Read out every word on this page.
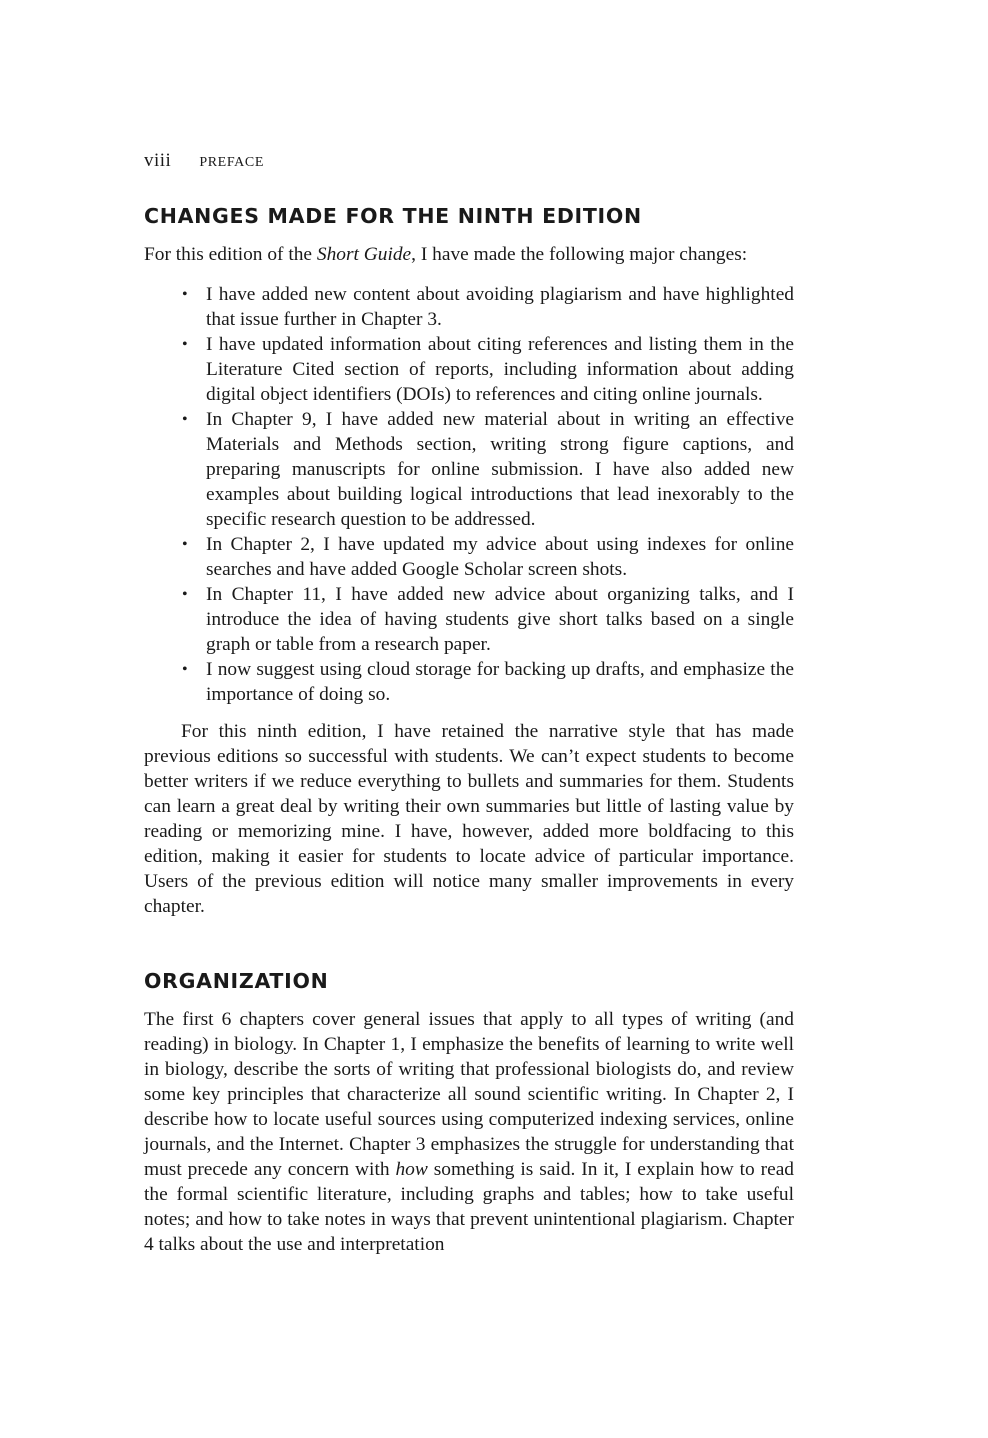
viii PREFACE
CHANGES MADE FOR THE NINTH EDITION

For this edition of the Short Guide, I have made the following major changes:

• I have added new content about avoiding plagiarism and have highlighted that issue further in Chapter 3.
• I have updated information about citing references and listing them in the Literature Cited section of reports, including information about adding digital object identifiers (DOIs) to references and citing online journals.
• In Chapter 9, I have added new material about in writing an effective Materials and Methods section, writing strong figure captions, and preparing manuscripts for online submission. I have also added new examples about building logical introductions that lead inexorably to the specific research question to be addressed.
• In Chapter 2, I have updated my advice about using indexes for online searches and have added Google Scholar screen shots.
• In Chapter 11, I have added new advice about organizing talks, and I introduce the idea of having students give short talks based on a single graph or table from a research paper.
• I now suggest using cloud storage for backing up drafts, and emphasize the importance of doing so.

For this ninth edition, I have retained the narrative style that has made previous editions so successful with students. We can’t expect students to become better writers if we reduce everything to bullets and summaries for them. Students can learn a great deal by writing their own summaries but little of lasting value by reading or memorizing mine. I have, however, added more boldfacing to this edition, making it easier for students to locate advice of particular importance. Users of the previous edition will notice many smaller improvements in every chapter.

ORGANIZATION

The first 6 chapters cover general issues that apply to all types of writing (and reading) in biology. In Chapter 1, I emphasize the benefits of learning to write well in biology, describe the sorts of writing that professional biologists do, and review some key principles that characterize all sound scientific writing. In Chapter 2, I describe how to locate useful sources using computerized indexing services, online journals, and the Internet. Chapter 3 emphasizes the struggle for understanding that must precede any concern with how something is said. In it, I explain how to read the formal scientific literature, including graphs and tables; how to take useful notes; and how to take notes in ways that prevent unintentional plagiarism. Chapter 4 talks about the use and interpretation
